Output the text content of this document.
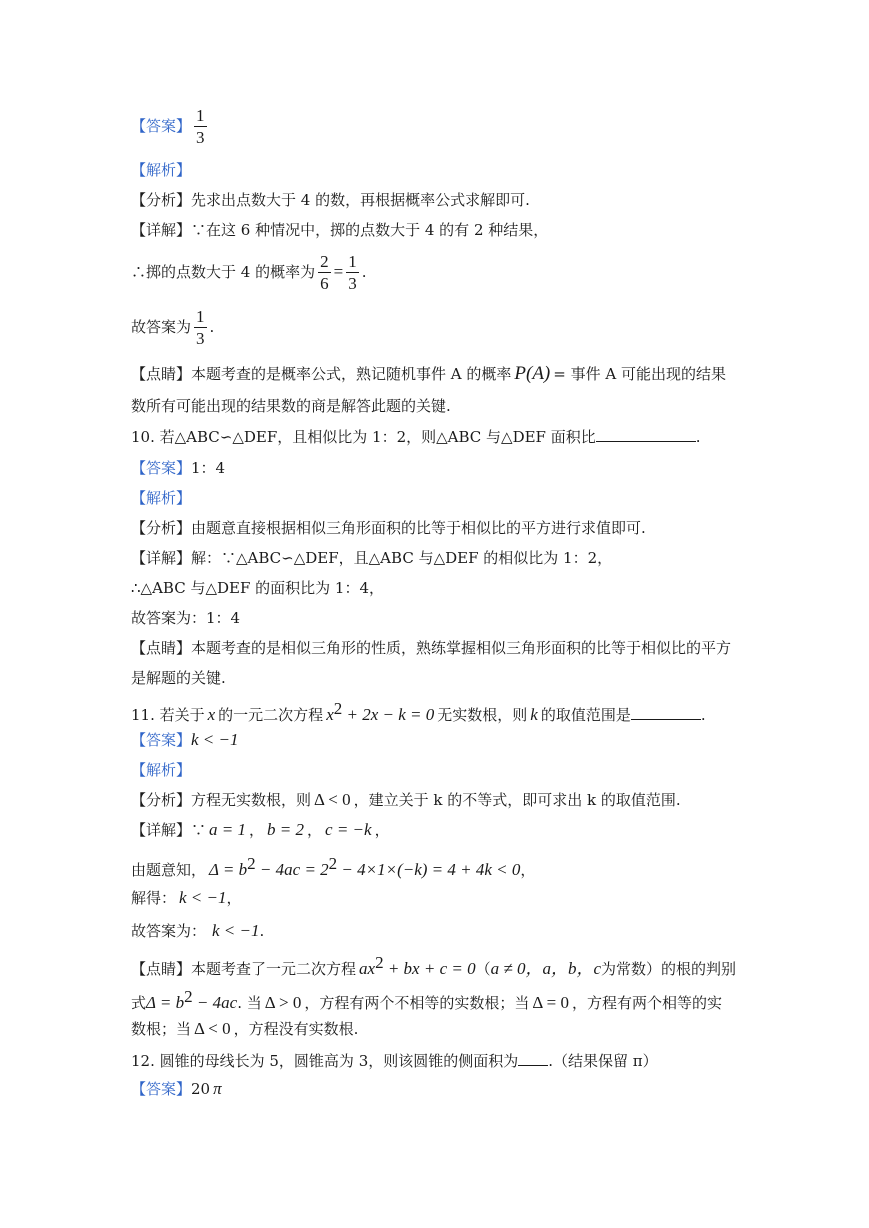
【答案】 $\frac{1}{3}$
【解析】
【分析】先求出点数大于 4 的数，再根据概率公式求解即可.
【详解】∵在这 6 种情况中，掷的点数大于 4 的有 2 种结果，
∴掷的点数大于 4 的概率为 $\frac{2}{6} = \frac{1}{3}$ .
故答案为 $\frac{1}{3}$ .
【点睛】本题考查的是概率公式，熟记随机事件 A 的概率 P(A) = 事件 A 可能出现的结果
数所有可能出现的结果数的商是解答此题的关键.
10. 若△ABC∽△DEF，且相似比为 1：2，则△ABC 与△DEF 面积比	.
【答案】1：4
【解析】
【分析】由题意直接根据相似三角形面积的比等于相似比的平方进行求值即可.
【详解】解：∵△ABC∽△DEF，且△ABC 与△DEF 的相似比为 1：2，
∴△ABC 与△DEF 的面积比为 1：4，
故答案为：1：4
【点睛】本题考查的是相似三角形的性质，熟练掌握相似三角形面积的比等于相似比的平方
是解题的关键.
11. 若关于 x 的一元二次方程 $x^2 + 2x - k = 0$ 无实数根，则 k 的取值范围是	.
【答案】k < −1
【解析】
【分析】方程无实数根，则 Δ < 0 ，建立关于 k 的不等式，即可求出 k 的取值范围.
【详解】∵ a = 1 ， b = 2 ， c = −k ，
由题意知， $\Delta = b^2 - 4ac = 2^2 - 4\times 1\times(-k) = 4 + 4k < 0$，
解得： k < −1，
故答案为： k < −1.
【点睛】本题考查了一元二次方程 $ax^2$ + bx + c = 0（a ≠ 0，a，b，c为常数）的根的判别
式$\Delta = b^2 - 4ac$. 当 Δ > 0 ，方程有两个不相等的实数根；当 Δ = 0 ，方程有两个相等的实
数根；当 Δ < 0 ，方程没有实数根.
12. 圆锥的母线长为 5，圆锥高为 3，则该圆锥的侧面积为 .（结果保留 π）
【答案】20 π
